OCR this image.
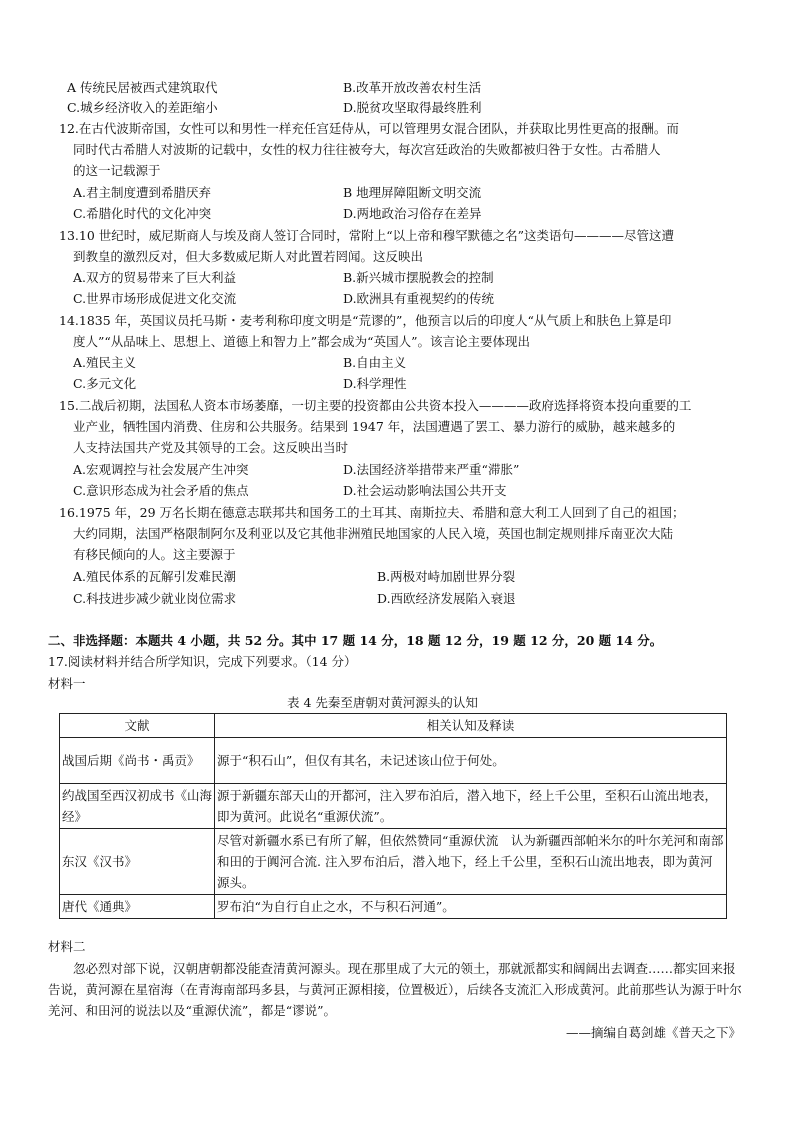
A 传统民居被西式建筑取代	B.改革开放改善农村生活
C.城乡经济收入的差距缩小	D.脱贫攻坚取得最终胜利
12.在古代波斯帝国，女性可以和男性一样充任宫廷侍从，可以管理男女混合团队，并获取比男性更高的报酬。而
同时代古希腊人对波斯的记载中，女性的权力往往被夸大，每次宫廷政治的失败都被归咎于女性。古希腊人
的这一记载源于
A.君主制度遭到希腊厌弃	B 地理屏障阻断文明交流
C.希腊化时代的文化冲突	D.两地政治习俗存在差异
13.10 世纪时，威尼斯商人与埃及商人签订合同时，常附上“以上帝和穆罕默德之名”这类语句————尽管这遭
到教皇的激烈反对，但大多数威尼斯人对此置若罔闻。这反映出
A.双方的贸易带来了巨大利益	B.新兴城市摆脱教会的控制
C.世界市场形成促进文化交流	D.欧洲具有重视契约的传统
14.1835 年，英国议员托马斯・麦考利称印度文明是“荒谬的”，他预言以后的印度人“从气质上和肤色上算是印
度人”“从品味上、思想上、道德上和智力上”都会成为“英国人”。该言论主要体现出
A.殖民主义	B.自由主义
C.多元文化	D.科学理性
15.二战后初期，法国私人资本市场萎靡，一切主要的投资都由公共资本投入————政府选择将资本投向重要的工
业产业，牺牲国内消费、住房和公共服务。结果到 1947 年，法国遭遇了罢工、暴力游行的威胁，越来越多的
人支持法国共产党及其领导的工会。这反映出当时
A.宏观调控与社会发展产生冲突	D.法国经济举措带来严重“滞胀”
C.意识形态成为社会矛盾的焦点	D.社会运动影响法国公共开支
16.1975 年，29 万名长期在德意志联邦共和国务工的土耳其、南斯拉夫、希腊和意大利工人回到了自己的祖国；
大约同期，法国严格限制阿尔及利亚以及它其他非洲殖民地国家的人民入境，英国也制定规则排斥南亚次大陆
有移民倾向的人。这主要源于
A.殖民体系的瓦解引发难民潮	B.两极对峙加剧世界分裂
C.科技进步减少就业岗位需求	D.西欧经济发展陷入衰退
二、非选择题：本题共 4 小题，共 52 分。其中 17 题 14 分，18 题 12 分，19 题 12 分，20 题 14 分。
17.阅读材料并结合所学知识，完成下列要求。（14 分）
材料一
表 4 先秦至唐朝对黄河源头的认知
文献	相关认知及释读
战国后期《尚书・禹贡》	源于“积石山”，但仅有其名，未记述该山位于何处。
约战国至西汉初成书《山海经》	源于新疆东部天山的开都河，注入罗布泊后，潜入地下，经上千公里，至积石山流出地表，即为黄河。此说名“重源伏流”。
东汉《汉书》	尽管对新疆水系已有所了解，但依然赞同“重源伏流　认为新疆西部帕米尔的叶尔羌河和南部和田的于阗河合流. 注入罗布泊后，潜入地下，经上千公里，至积石山流出地表，即为黄河源头。
唐代《通典》	罗布泊“为自行自止之水，不与积石河通”。
材料二
忽必烈对部下说，汉朝唐朝都没能查清黄河源头。现在那里成了大元的领土，那就派都实和阔阔出去调查……都实回来报告说，黄河源在星宿海（在青海南部玛多县，与黄河正源相接，位置极近），后续各支流汇入形成黄河。此前那些认为源于叶尔羌河、和田河的说法以及“重源伏流”，都是“谬说”。
——摘编自葛剑雄《普天之下》
